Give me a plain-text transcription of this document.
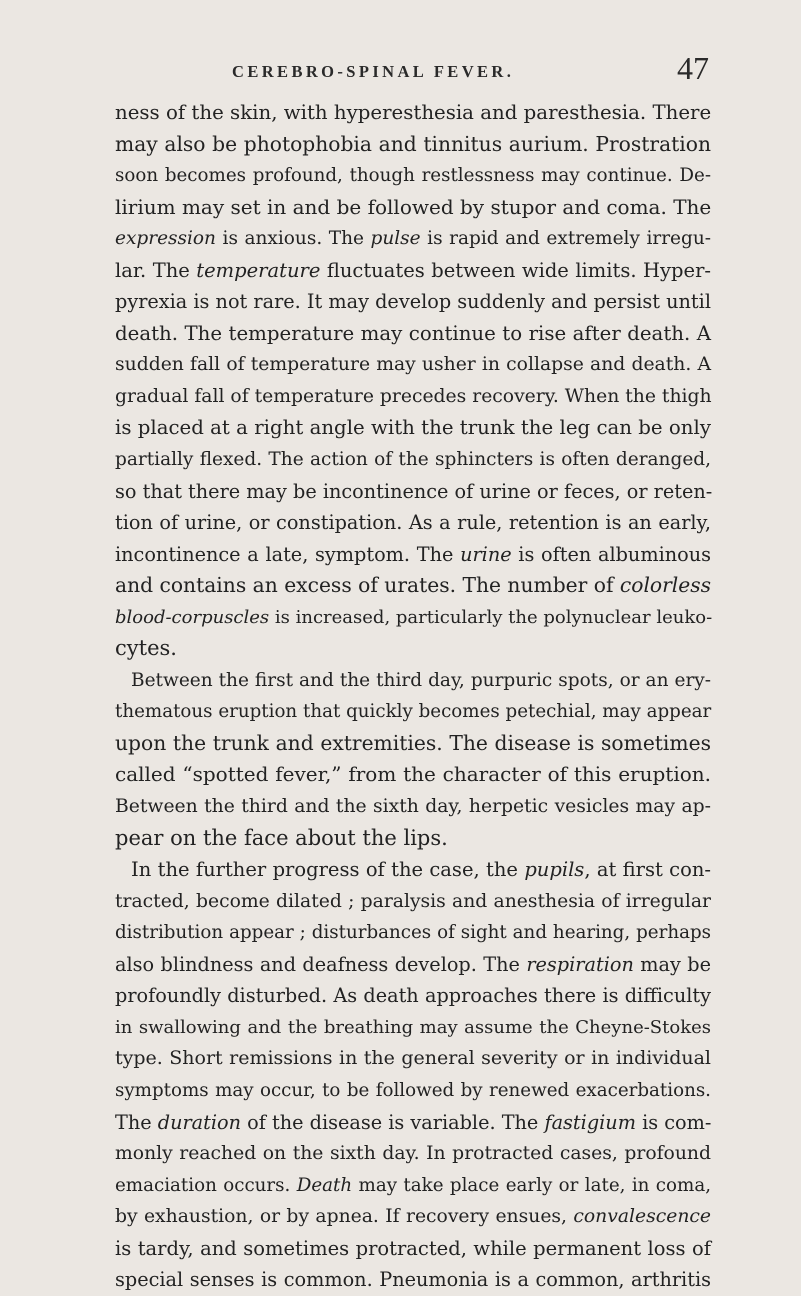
CEREBRO-SPINAL FEVER.	47
ness of the skin, with hyperesthesia and paresthesia. There
may also be photophobia and tinnitus aurium. Prostration
soon becomes profound, though restlessness may continue. De-
lirium may set in and be followed by stupor and coma. The
expression is anxious. The pulse is rapid and extremely irregu-
lar. The temperature fluctuates between wide limits. Hyper-
pyrexia is not rare. It may develop suddenly and persist until
death. The temperature may continue to rise after death. A
sudden fall of temperature may usher in collapse and death. A
gradual fall of temperature precedes recovery. When the thigh
is placed at a right angle with the trunk the leg can be only
partially flexed. The action of the sphincters is often deranged,
so that there may be incontinence of urine or feces, or reten-
tion of urine, or constipation. As a rule, retention is an early,
incontinence a late, symptom. The urine is often albuminous
and contains an excess of urates. The number of colorless
blood-corpuscles is increased, particularly the polynuclear leuko-
cytes.
Between the first and the third day, purpuric spots, or an ery-
thematous eruption that quickly becomes petechial, may appear
upon the trunk and extremities. The disease is sometimes
called “spotted fever,” from the character of this eruption.
Between the third and the sixth day, herpetic vesicles may ap-
pear on the face about the lips.
In the further progress of the case, the pupils, at first con-
tracted, become dilated ; paralysis and anesthesia of irregular
distribution appear ; disturbances of sight and hearing, perhaps
also blindness and deafness develop. The respiration may be
profoundly disturbed. As death approaches there is difficulty
in swallowing and the breathing may assume the Cheyne-Stokes
type. Short remissions in the general severity or in individual
symptoms may occur, to be followed by renewed exacerbations.
The duration of the disease is variable. The fastigium is com-
monly reached on the sixth day. In protracted cases, profound
emaciation occurs. Death may take place early or late, in coma,
by exhaustion, or by apnea. If recovery ensues, convalescence
is tardy, and sometimes protracted, while permanent loss of
special senses is common. Pneumonia is a common, arthritis
